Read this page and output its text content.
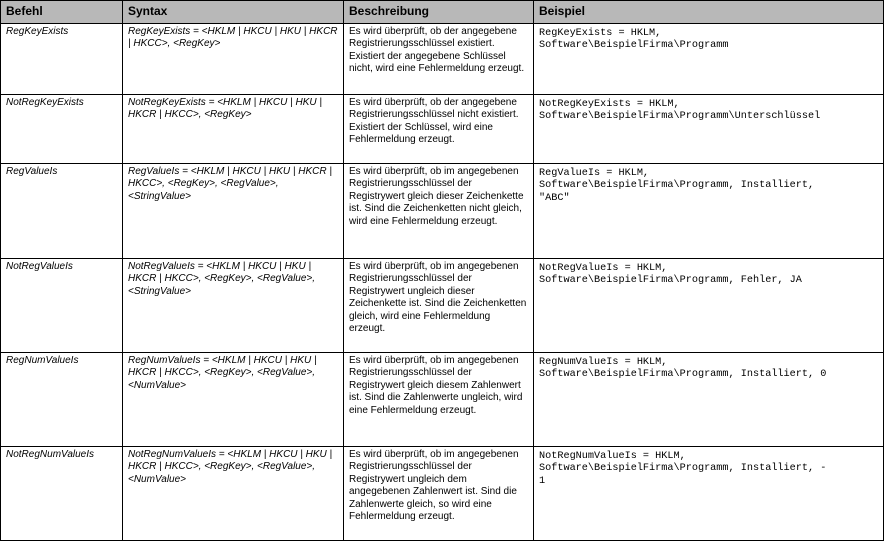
Befehl	Syntax	Beschreibung	Beispiel
RegKeyExists	RegKeyExists = <HKLM | HKCU | HKU | HKCR | HKCC>, <RegKey>	Es wird überprüft, ob der angegebene Registrierungsschlüssel existiert. Existiert der angegebene Schlüssel nicht, wird eine Fehlermeldung erzeugt.	RegKeyExists = HKLM,
Software\BeispielFirma\Programm
NotRegKeyExists	NotRegKeyExists = <HKLM | HKCU | HKU | HKCR | HKCC>, <RegKey>	Es wird überprüft, ob der angegebene Registrierungsschlüssel nicht existiert. Existiert der Schlüssel, wird eine Fehlermeldung erzeugt.	NotRegKeyExists = HKLM,
Software\BeispielFirma\Programm\Unterschlüssel
RegValueIs	RegValueIs = <HKLM | HKCU | HKU | HKCR | HKCC>, <RegKey>, <RegValue>, <StringValue>	Es wird überprüft, ob im angegebenen Registrierungsschlüssel der Registrywert gleich dieser Zeichenkette ist. Sind die Zeichenketten nicht gleich, wird eine Fehlermeldung erzeugt.	RegValueIs = HKLM,
Software\BeispielFirma\Programm, Installiert,
"ABC"
NotRegValueIs	NotRegValueIs = <HKLM | HKCU | HKU | HKCR | HKCC>, <RegKey>, <RegValue>, <StringValue>	Es wird überprüft, ob im angegebenen Registrierungsschlüssel der Registrywert ungleich dieser Zeichenkette ist. Sind die Zeichenketten gleich, wird eine Fehlermeldung erzeugt.	NotRegValueIs = HKLM,
Software\BeispielFirma\Programm, Fehler, JA
RegNumValueIs	RegNumValueIs = <HKLM | HKCU | HKU | HKCR | HKCC>, <RegKey>, <RegValue>, <NumValue>	Es wird überprüft, ob im angegebenen Registrierungsschlüssel der Registrywert gleich diesem Zahlenwert ist. Sind die Zahlenwerte ungleich, wird eine Fehlermeldung erzeugt.	RegNumValueIs = HKLM,
Software\BeispielFirma\Programm, Installiert, 0
NotRegNumValueIs	NotRegNumValueIs = <HKLM | HKCU | HKU | HKCR | HKCC>, <RegKey>, <RegValue>, <NumValue>	Es wird überprüft, ob im angegebenen Registrierungsschlüssel der Registrywert ungleich dem angegebenen Zahlenwert ist. Sind die Zahlenwerte gleich, so wird eine Fehlermeldung erzeugt.	NotRegNumValueIs = HKLM,
Software\BeispielFirma\Programm, Installiert, -
1
